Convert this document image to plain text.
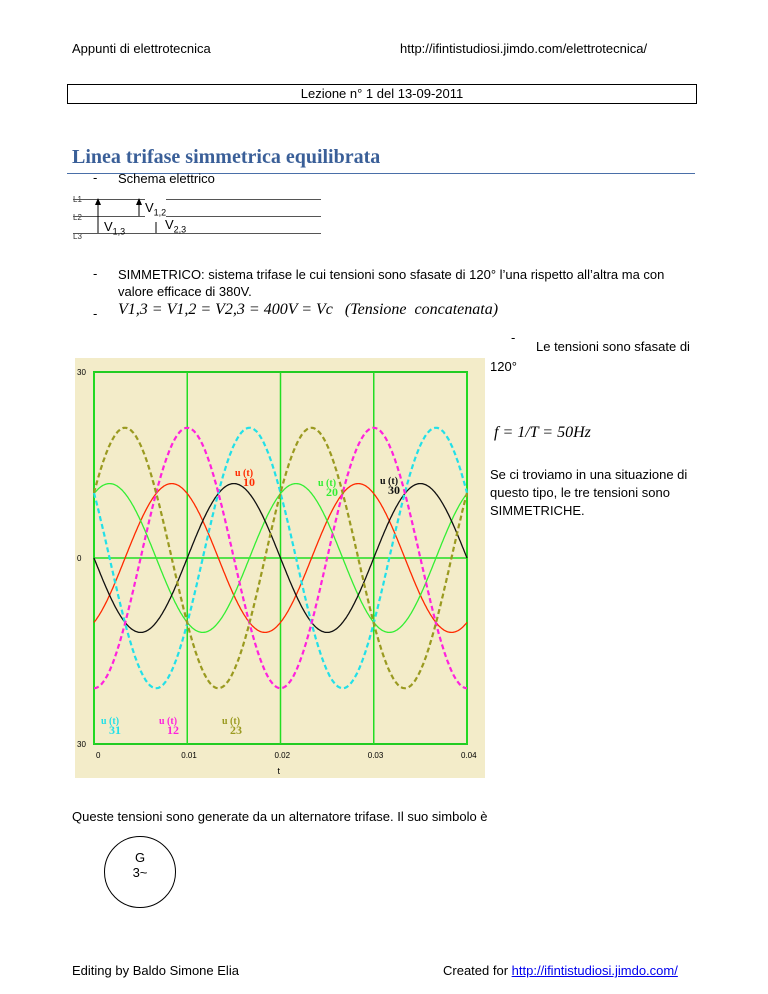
Appunti di elettrotecnica	http://ifintistudiosi.jimdo.com/elettrotecnica/
Lezione n° 1 del 13-09-2011
Linea trifase simmetrica equilibrata
- Schema elettrico
L1
L2
L3
$V_{1,2}$
$V_{1,3}$	$V_{2,3}$
- SIMMETRICO: sistema trifase le cui tensioni sono sfasate di 120° l’una rispetto all’altra ma con
valore efficace di 380V.
- V1,3 = V1,2 = V2,3 = 400V = Vc   (Tensione  concatenata)
-
Le tensioni sono sfasate di
120°
f = 1/T = 50Hz
Se ci troviamo in una situazione di
questo tipo, le tre tensioni sono
SIMMETRICHE.
0	0.01	0.02	0.03	0.04
30
0
30
t
u (t)
10	u (t)
20
u (t)
30
u (t)
31
u (t)
12
u (t)
23
Queste tensioni sono generate da un alternatore trifase. Il suo simbolo è
G
3~
Editing by Baldo Simone Elia	Created for http://ifintistudiosi.jimdo.com/
